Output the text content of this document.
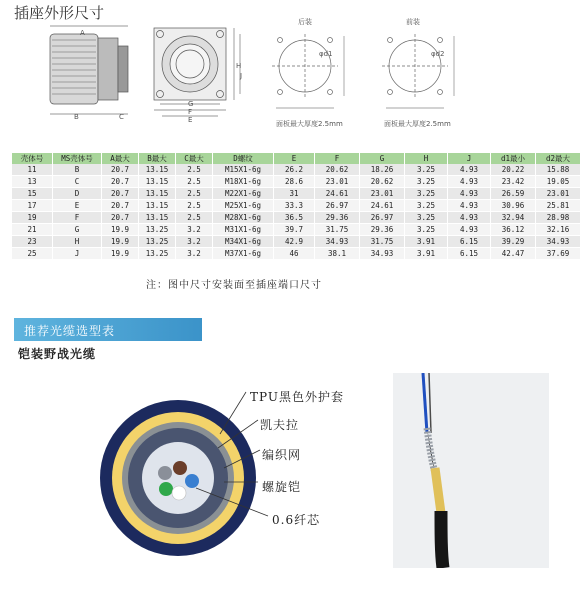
插座外形尺寸
A
B	C	E
F
G
H
J
φd1	φd2
后装	前装
面板最大厚度2.5mm	面板最大厚度2.5mm
壳体号	MS壳体号	A最大	B最大	C最大	D螺纹	E	F	G	H	J	d1最小	d2最大
11	B	20.7	13.15	2.5	M15X1-6g	26.2	20.62	18.26	3.25	4.93	20.22	15.88
13	C	20.7	13.15	2.5	M18X1-6g	28.6	23.01	20.62	3.25	4.93	23.42	19.05
15	D	20.7	13.15	2.5	M22X1-6g	31	24.61	23.01	3.25	4.93	26.59	23.01
17	E	20.7	13.15	2.5	M25X1-6g	33.3	26.97	24.61	3.25	4.93	30.96	25.81
19	F	20.7	13.15	2.5	M28X1-6g	36.5	29.36	26.97	3.25	4.93	32.94	28.98
21	G	19.9	13.25	3.2	M31X1-6g	39.7	31.75	29.36	3.25	4.93	36.12	32.16
23	H	19.9	13.25	3.2	M34X1-6g	42.9	34.93	31.75	3.91	6.15	39.29	34.93
25	J	19.9	13.25	3.2	M37X1-6g	46	38.1	34.93	3.91	6.15	42.47	37.69
注：图中尺寸安装面至插座端口尺寸
推荐光缆选型表
铠装野战光缆
TPU黑色外护套
凯夫拉
编织网
螺旋铠
0.6纤芯
